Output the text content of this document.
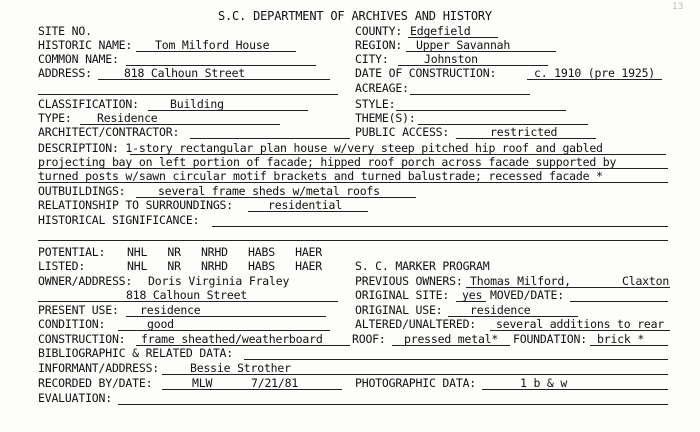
13
S.C. DEPARTMENT OF ARCHIVES AND HISTORY
SITE NO.	COUNTY: Edgefield
HISTORIC NAME: Tom Milford House	REGION: Upper Savannah
COMMON NAME:	CITY:	Johnston
ADDRESS:	818 Calhoun Street	DATE OF CONSTRUCTION:	c. 1910 (pre 1925)
ACREAGE:
CLASSIFICATION:	Building	STYLE:
TYPE: Residence	THEME(S):
ARCHITECT/CONTRACTOR:	PUBLIC ACCESS:	restricted
DESCRIPTION: 1-story rectangular plan house w/very steep pitched hip roof and gabled
projecting bay on left portion of facade; hipped roof porch across facade supported by
turned posts w/sawn circular motif brackets and turned balustrade; recessed facade *
OUTBUILDINGS:	several frame sheds w/metal roofs
RELATIONSHIP TO SURROUNDINGS:	residential
HISTORICAL SIGNIFICANCE:
POTENTIAL: NHL   NR   NRHD   HABS   HAER
LISTED:	NHL   NR   NRHD   HABS   HAER	S. C. MARKER PROGRAM
OWNER/ADDRESS: Doris Virginia Fraley
818 Calhoun Street
PREVIOUS OWNERS: Thomas Milford,	Claxton
ORIGINAL SITE: yes MOVED/DATE:
PRESENT USE: residence	ORIGINAL USE: residence
CONDITION:	good	ALTERED/UNALTERED: several additions to rear
CONSTRUCTION: frame sheathed/weatherboard	ROOF: pressed metal* FOUNDATION: brick *
BIBLIOGRAPHIC & RELATED DATA:
INFORMANT/ADDRESS:	Bessie Strother
RECORDED BY/DATE:	MLW	7/21/81	PHOTOGRAPHIC DATA:	1 b & w
EVALUATION:
